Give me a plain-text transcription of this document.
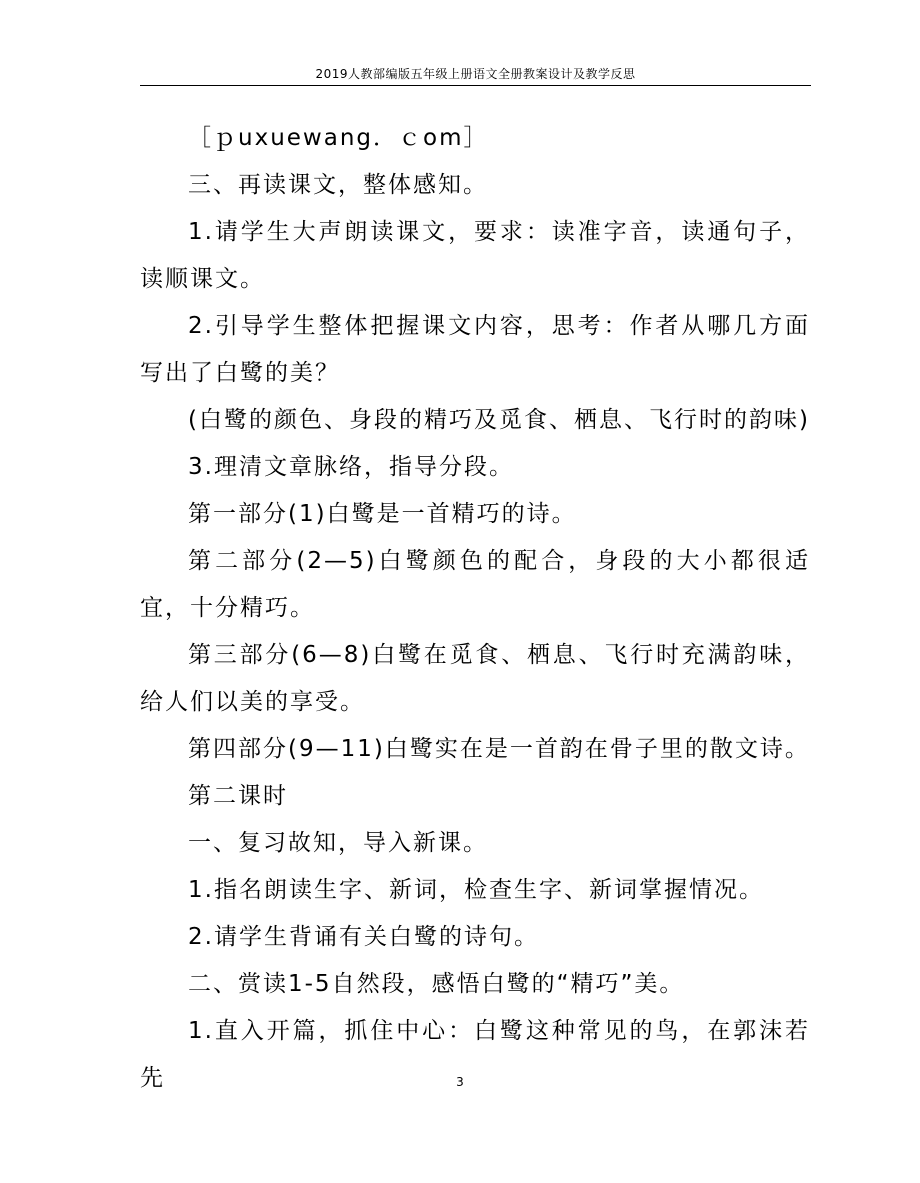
2019人教部编版五年级上册语文全册教案设计及教学反思

［ｐuxuewang．ｃom］

三、再读课文，整体感知。

1.请学生大声朗读课文，要求：读准字音，读通句子，读顺课文。

2.引导学生整体把握课文内容，思考：作者从哪几方面写出了白鹭的美？

(白鹭的颜色、身段的精巧及觅食、栖息、飞行时的韵味)

3.理清文章脉络，指导分段。

第一部分(1)白鹭是一首精巧的诗。

第二部分(2—5)白鹭颜色的配合，身段的大小都很适宜，十分精巧。

第三部分(6—8)白鹭在觅食、栖息、飞行时充满韵味，给人们以美的享受。

第四部分(9—11)白鹭实在是一首韵在骨子里的散文诗。

第二课时

一、复习故知，导入新课。

1.指名朗读生字、新词，检查生字、新词掌握情况。

2.请学生背诵有关白鹭的诗句。

二、赏读1-5自然段，感悟白鹭的“精巧”美。

1.直入开篇，抓住中心：白鹭这种常见的鸟，在郭沫若先	3
